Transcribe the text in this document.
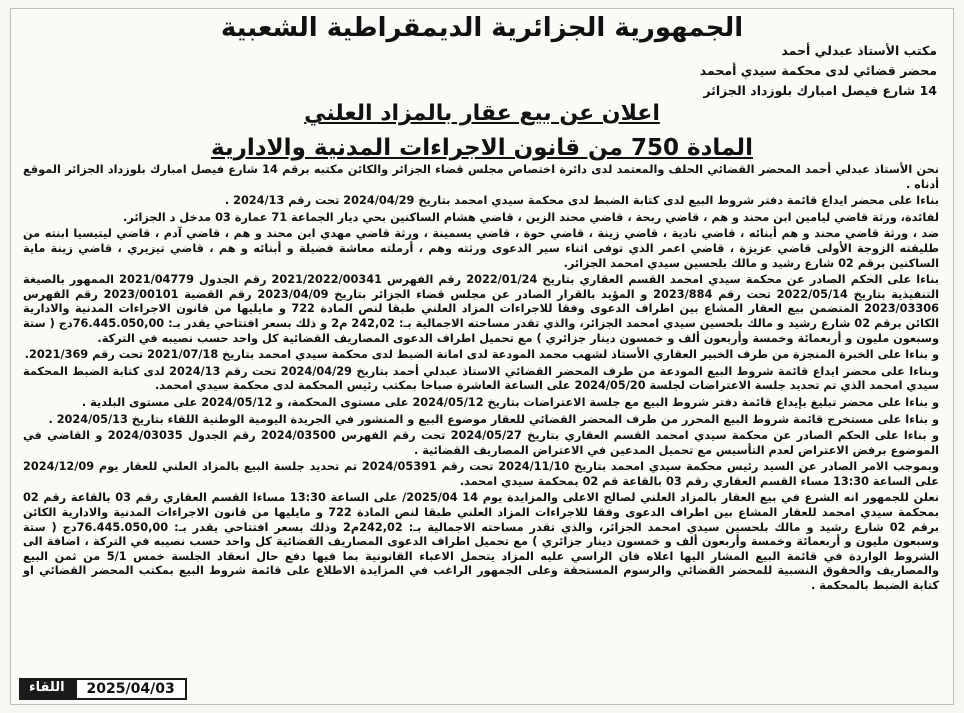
الجمهورية الجزائرية الديمقراطية الشعبية
مكتب الأستاذ عبدلي أحمد
محضر قضائي لدى محكمة سيدي أمحمد
14 شارع فيصل امبارك بلوزداد الجزائر
اعلان عن بيع عقار بالمزاد العلني
المادة 750 من قانون الاجراءات المدنية والادارية

نحن الأستاذ عبدلي أحمد المحضر القضائي الحلف والمعتمد لدى دائرة اختصاص مجلس قضاء الجزائر والكائن مكتبه برقم 14 شارع فيصل امبارك بلوزداد الجزائر الموقع أدناه .

بناءا على محضر ايداع قائمة دفتر شروط البيع لدى كتابة الضبط لدى محكمة سيدي امحمد بتاريخ 2024/04/29 تحت رقم 2024/13 .

لفائدة، ورثة قاضي ليامين ابن محند و هم ، قاضي ربحة ، قاضي محند الزين ، قاضي هشام الساكنين بحي ديار الجماعة 71 عمارة 03 مدخل د الجزائر.

ضد ، ورثة قاضي محند و هم أبنائه ، قاضي نادية ، قاضي زينة ، قاضي حوة ، قاضي يسمينة ، ورثة قاضي مهدي ابن محند و هم ، قاضي آدم ، قاضي ليتيسيا ابنته من طليقته الزوجة الأولى قاضي عزيزة ، قاضي اعمر الذي توفى اثناء سير الدعوى ورثته وهم ، أرملته معاشة فضيلة و أبنائه و هم ، قاضي تيزيري ، قاضي زينة ماية الساكنين برقم 02 شارع رشيد و مالك بلحسين سيدي امحمد الجزائر.

بناءا على الحكم الصادر عن محكمة سيدي امحمد القسم العقاري بتاريخ 2022/01/24 رقم الفهرس 2021/2022/00341 رقم الجدول 2021/04779 الممهور بالصيغة التنفيذية بتاريخ 2022/05/14 تحت رقم 2023/884 و المؤيد بالقرار الصادر عن مجلس قضاء الجزائر بتاريخ 2023/04/09 رقم القضية 2023/00101 رقم الفهرس 2023/03306 المتضمن بيع العقار المشاع بين اطراف الدعوى وفقا للاجراءات المزاد العلني طبقا لنص المادة 722 و مايليها من قانون الاجراءات المدنية والادارية الكائن برقم 02 شارع رشيد و مالك بلحسين سيدي امحمد الجزائر، والذي تقدر مساحته الاجمالية بـ: 242,02 م2 و ذلك بسعر افتتاحي يقدر بـ: 76.445.050,00دج ( ستة وسبعون مليون و أربعمائة وخمسة وأربعون ألف و خمسون دينار جزائري ) مع تحميل اطراف الدعوى المصاريف القضائية كل واحد حسب نصيبه في التركة.

و بناءا على الخبرة المنجزة من طرف الخبير العقاري الأستاذ لشهب محمد المودعة لدى امانة الضبط لدى محكمة سيدي امحمد بتاريخ 2021/07/18 تحت رقم 2021/369.

وبناءا على محضر ايداع قائمة شروط البيع المودعة من طرف المحضر القضائي الاستاذ عبدلي أحمد بتاريخ 2024/04/29 تحت رقم 2024/13 لدى كتابة الضبط المحكمة سيدي امحمد الذي تم تحديد جلسة الاعتراضات لجلسة 2024/05/20 على الساعة العاشرة صباحا بمكتب رئيس المحكمة لدى محكمة سيدي امحمد.

و بناءا على محضر تبليغ بإيداع قائمة دفتر شروط البيع مع جلسة الاعتراضات بتاريخ 2024/05/12 على مستوى المحكمة، و 2024/05/12 على مستوى البلدية .

و بناءا على مستخرج قائمة شروط البيع المحرر من طرف المحضر القضائي للعقار موضوع البيع و المنشور في الجريدة اليومية الوطنية اللقاء بتاريخ 2024/05/13 .

و بناءا على الحكم الصادر عن محكمة سيدي امحمد القسم العقاري بتاريخ 2024/05/27 تحت رقم الفهرس 2024/03500 رقم الجدول 2024/03035 و القاضي في الموضوع برفض الاعتراض لعدم التأسيس مع تحميل المدعين في الاعتراض المصاريف القضائية .

وبموجب الامر الصادر عن السيد رئيس محكمة سيدي امحمد بتاريخ 2024/11/10 تحت رقم 2024/05391 تم تحديد جلسة البيع بالمزاد العلني للعقار يوم 2024/12/09 على الساعة 13:30 مساء القسم العقاري رقم 03 بالقاعة قم 02 بمحكمة سيدي امحمد.

نعلن للجمهور انه الشرع في بيع العقار بالمزاد العلني لصالح الاعلى والمزايدة يوم 14 2025/04/ على الساعة 13:30 مساءا القسم العقاري رقم 03 بالقاعة رقم 02 بمحكمة سيدي امحمد للعقار المشاع بين اطراف الدعوى وفقا للاجراءات المزاد العلني طبقا لنص المادة 722 و مايليها من قانون الاجراءات المدنية والادارية الكائن برقم 02 شارع رشيد و مالك بلحسين سيدي امحمد الجزائر، والذي تقدر مساحته الاجمالية بـ: 242,02م2 وذلك بسعر افتتاحي يقدر بـ: 76.445.050,00دج ( ستة وسبعون مليون و أربعمائة وخمسة وأربعون ألف و خمسون دينار جزائري ) مع تحميل اطراف الدعوى المصاريف القضائية كل واحد حسب نصيبه في التركة ، اضافة الى الشروط الواردة في قائمة البيع المشار اليها اعلاه فان الراسي عليه المزاد يتحمل الاعباء القانونية بما فيها دفع حال انعقاد الجلسة خمس 5/1 من ثمن البيع والمصاريف والحقوق النسبية للمحضر القضائي والرسوم المستحقة وعلى الجمهور الراغب في المزايدة الاطلاع على قائمة شروط البيع بمكتب المحضر القضائي او كتابة الضبط بالمحكمة .

اللقاء	2025/04/03
